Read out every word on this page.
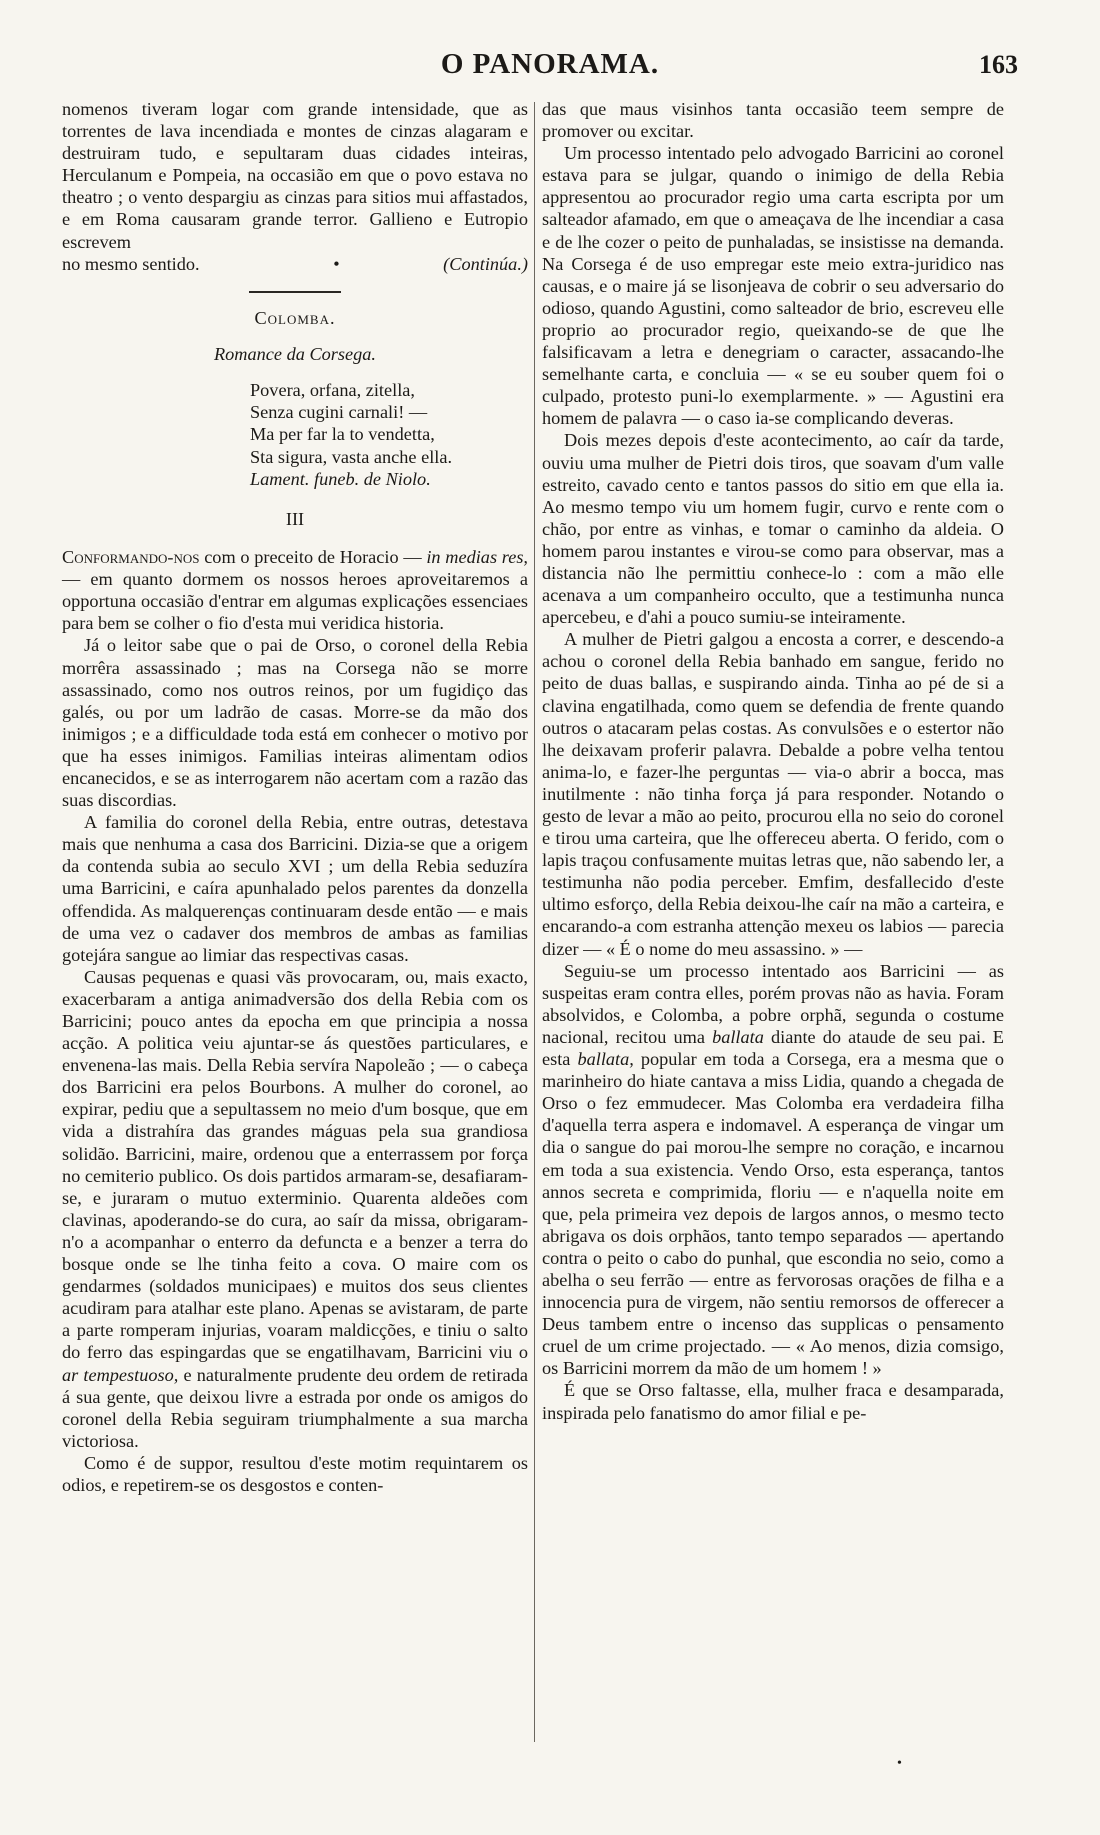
O PANORAMA.	163

nomenos tiveram logar com grande intensidade, que as torrentes de lava incendiada e montes de cinzas alagaram e destruiram tudo, e sepultaram duas cidades inteiras, Herculanum e Pompeia, na occasião em que o povo estava no theatro ; o vento despargiu as cinzas para sitios mui affastados, e em Roma causaram grande terror. Gallieno e Eutropio escrevem

no mesmo sentido.	•	(Continúa.)
Colomba.
Romance da Corsega.
Povera, orfana, zitella,
Senza cugini carnali! —
Ma per far la to vendetta,
Sta sigura, vasta anche ella.
Lament. funeb. de Niolo.
III

Conformando-nos com o preceito de Horacio — in medias res, — em quanto dormem os nossos heroes aproveitaremos a opportuna occasião d'entrar em algumas explicações essenciaes para bem se colher o fio d'esta mui veridica historia.

Já o leitor sabe que o pai de Orso, o coronel della Rebia morrêra assassinado ; mas na Corsega não se morre assassinado, como nos outros reinos, por um fugidiço das galés, ou por um ladrão de casas. Morre-se da mão dos inimigos ; e a difficuldade toda está em conhecer o motivo por que ha esses inimigos. Familias inteiras alimentam odios encanecidos, e se as interrogarem não acertam com a razão das suas discordias.

A familia do coronel della Rebia, entre outras, detestava mais que nenhuma a casa dos Barricini. Dizia-se que a origem da contenda subia ao seculo XVI ; um della Rebia seduzíra uma Barricini, e caíra apunhalado pelos parentes da donzella offendida. As malquerenças continuaram desde então — e mais de uma vez o cadaver dos membros de ambas as familias gotejára sangue ao limiar das respectivas casas.

Causas pequenas e quasi vãs provocaram, ou, mais exacto, exacerbaram a antiga animadversão dos della Rebia com os Barricini; pouco antes da epocha em que principia a nossa acção. A politica veiu ajuntar-se ás questões particulares, e envenena-las mais. Della Rebia servíra Napoleão ; — o cabeça dos Barricini era pelos Bourbons. A mulher do coronel, ao expirar, pediu que a sepultassem no meio d'um bosque, que em vida a distrahíra das grandes máguas pela sua grandiosa solidão. Barricini, maire, ordenou que a enterrassem por força no cemiterio publico. Os dois partidos armaram-se, desafiaram-se, e juraram o mutuo exterminio. Quarenta aldeões com clavinas, apoderando-se do cura, ao saír da missa, obrigaram-n'o a acompanhar o enterro da defuncta e a benzer a terra do bosque onde se lhe tinha feito a cova. O maire com os gendarmes (soldados municipaes) e muitos dos seus clientes acudiram para atalhar este plano. Apenas se avistaram, de parte a parte romperam injurias, voaram maldicções, e tiniu o salto do ferro das espingardas que se engatilhavam, Barricini viu o ar tempestuoso, e naturalmente prudente deu ordem de retirada á sua gente, que deixou livre a estrada por onde os amigos do coronel della Rebia seguiram triumphalmente a sua marcha victoriosa.

Como é de suppor, resultou d'este motim requintarem os odios, e repetirem-se os desgostos e conten-

das que maus visinhos tanta occasião teem sempre de promover ou excitar.

Um processo intentado pelo advogado Barricini ao coronel estava para se julgar, quando o inimigo de della Rebia appresentou ao procurador regio uma carta escripta por um salteador afamado, em que o ameaçava de lhe incendiar a casa e de lhe cozer o peito de punhaladas, se insistisse na demanda. Na Corsega é de uso empregar este meio extra-juridico nas causas, e o maire já se lisonjeava de cobrir o seu adversario do odioso, quando Agustini, como salteador de brio, escreveu elle proprio ao procurador regio, queixando-se de que lhe falsificavam a letra e denegriam o caracter, assacando-lhe semelhante carta, e concluia — « se eu souber quem foi o culpado, protesto puni-lo exemplarmente. » — Agustini era homem de palavra — o caso ia-se complicando deveras.

Dois mezes depois d'este acontecimento, ao caír da tarde, ouviu uma mulher de Pietri dois tiros, que soavam d'um valle estreito, cavado cento e tantos passos do sitio em que ella ia. Ao mesmo tempo viu um homem fugir, curvo e rente com o chão, por entre as vinhas, e tomar o caminho da aldeia. O homem parou instantes e virou-se como para observar, mas a distancia não lhe permittiu conhece-lo : com a mão elle acenava a um companheiro occulto, que a testimunha nunca apercebeu, e d'ahi a pouco sumiu-se inteiramente.

A mulher de Pietri galgou a encosta a correr, e descendo-a achou o coronel della Rebia banhado em sangue, ferido no peito de duas ballas, e suspirando ainda. Tinha ao pé de si a clavina engatilhada, como quem se defendia de frente quando outros o atacaram pelas costas. As convulsões e o estertor não lhe deixavam proferir palavra. Debalde a pobre velha tentou anima-lo, e fazer-lhe perguntas — via-o abrir a bocca, mas inutilmente : não tinha força já para responder. Notando o gesto de levar a mão ao peito, procurou ella no seio do coronel e tirou uma carteira, que lhe offereceu aberta. O ferido, com o lapis traçou confusamente muitas letras que, não sabendo ler, a testimunha não podia perceber. Emfim, desfallecido d'este ultimo esforço, della Rebia deixou-lhe caír na mão a carteira, e encarando-a com estranha attenção mexeu os labios — parecia dizer — « É o nome do meu assassino. » —

Seguiu-se um processo intentado aos Barricini — as suspeitas eram contra elles, porém provas não as havia. Foram absolvidos, e Colomba, a pobre orphã, segunda o costume nacional, recitou uma ballata diante do ataude de seu pai. E esta ballata, popular em toda a Corsega, era a mesma que o marinheiro do hiate cantava a miss Lidia, quando a chegada de Orso o fez emmudecer. Mas Colomba era verdadeira filha d'aquella terra aspera e indomavel. A esperança de vingar um dia o sangue do pai morou-lhe sempre no coração, e incarnou em toda a sua existencia. Vendo Orso, esta esperança, tantos annos secreta e comprimida, floriu — e n'aquella noite em que, pela primeira vez depois de largos annos, o mesmo tecto abrigava os dois orphãos, tanto tempo separados — apertando contra o peito o cabo do punhal, que escondia no seio, como a abelha o seu ferrão — entre as fervorosas orações de filha e a innocencia pura de virgem, não sentiu remorsos de offerecer a Deus tambem entre o incenso das supplicas o pensamento cruel de um crime projectado. — « Ao menos, dizia comsigo, os Barricini morrem da mão de um homem ! »

É que se Orso faltasse, ella, mulher fraca e desamparada, inspirada pelo fanatismo do amor filial e pe-

•
